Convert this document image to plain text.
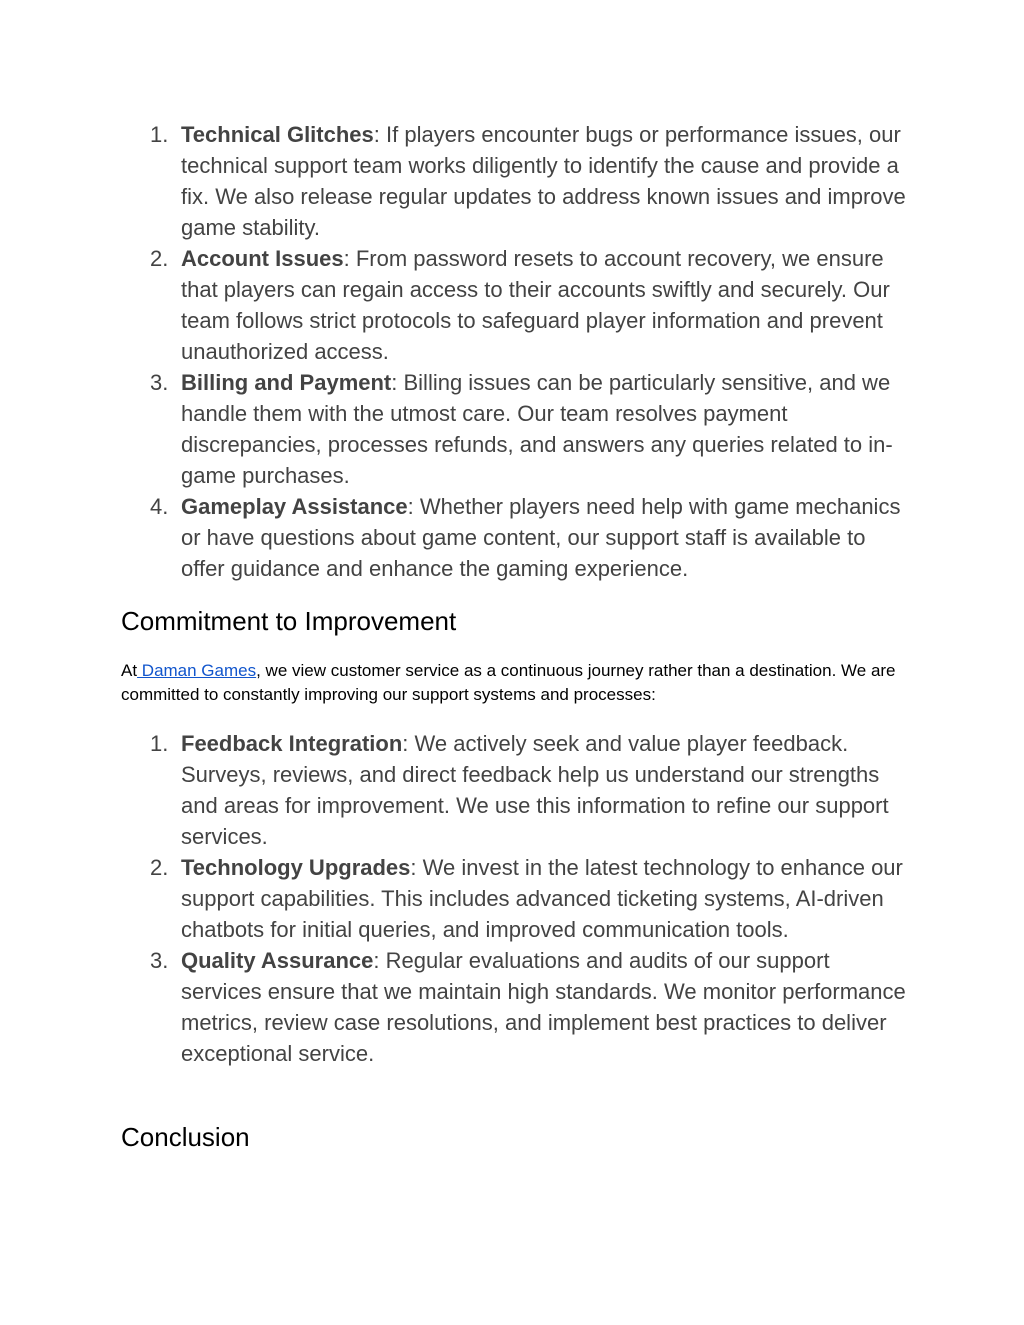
1. Technical Glitches: If players encounter bugs or performance issues, our technical support team works diligently to identify the cause and provide a fix. We also release regular updates to address known issues and improve game stability.
2. Account Issues: From password resets to account recovery, we ensure that players can regain access to their accounts swiftly and securely. Our team follows strict protocols to safeguard player information and prevent unauthorized access.
3. Billing and Payment: Billing issues can be particularly sensitive, and we handle them with the utmost care. Our team resolves payment discrepancies, processes refunds, and answers any queries related to in-game purchases.
4. Gameplay Assistance: Whether players need help with game mechanics or have questions about game content, our support staff is available to offer guidance and enhance the gaming experience.
Commitment to Improvement

At Daman Games, we view customer service as a continuous journey rather than a destination. We are committed to constantly improving our support systems and processes:

1. Feedback Integration: We actively seek and value player feedback. Surveys, reviews, and direct feedback help us understand our strengths and areas for improvement. We use this information to refine our support services.
2. Technology Upgrades: We invest in the latest technology to enhance our support capabilities. This includes advanced ticketing systems, AI-driven chatbots for initial queries, and improved communication tools.
3. Quality Assurance: Regular evaluations and audits of our support services ensure that we maintain high standards. We monitor performance metrics, review case resolutions, and implement best practices to deliver exceptional service.
Conclusion
